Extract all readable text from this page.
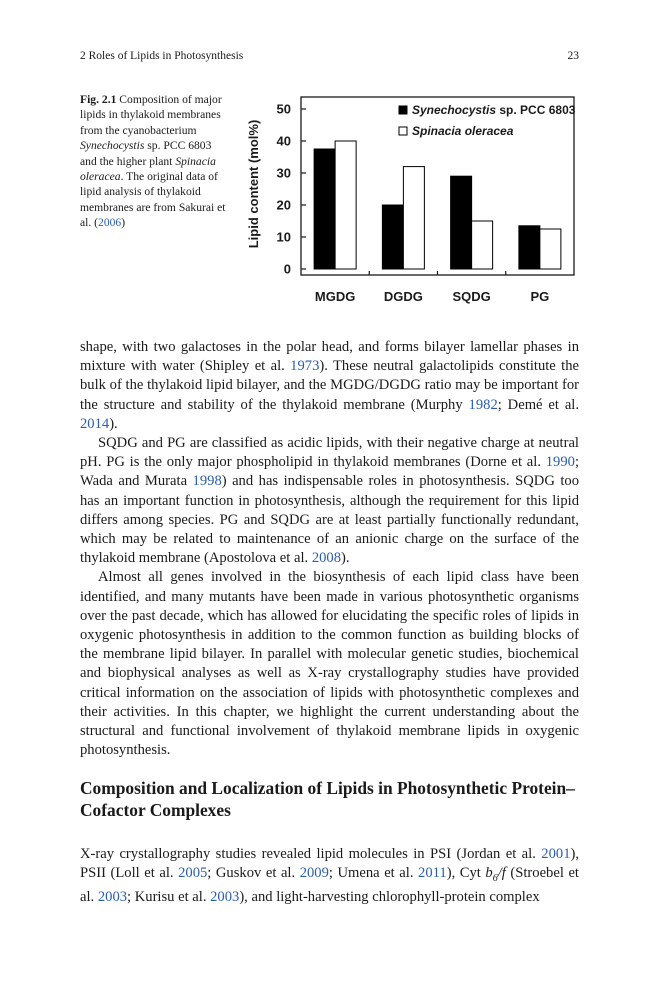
2 Roles of Lipids in Photosynthesis	23
Fig. 2.1 Composition of major lipids in thylakoid membranes from the cyanobacterium Synechocystis sp. PCC 6803 and the higher plant Spinacia oleracea. The original data of lipid analysis of thylakoid membranes are from Sakurai et al. (2006)	Lipid content (mol%)
0
10
20
30
40
50
MGDG DGDG SQDG	PG
Synechocystis sp. PCC 6803
Spinacia oleracea

shape, with two galactoses in the polar head, and forms bilayer lamellar phases in mixture with water (Shipley et al. 1973). These neutral galactolipids constitute the bulk of the thylakoid lipid bilayer, and the MGDG/DGDG ratio may be important for the structure and stability of the thylakoid membrane (Murphy 1982; Demé et al. 2014).

SQDG and PG are classified as acidic lipids, with their negative charge at neutral pH. PG is the only major phospholipid in thylakoid membranes (Dorne et al. 1990; Wada and Murata 1998) and has indispensable roles in photosynthesis. SQDG too has an important function in photosynthesis, although the requirement for this lipid differs among species. PG and SQDG are at least partially functionally redundant, which may be related to maintenance of an anionic charge on the surface of the thylakoid membrane (Apostolova et al. 2008).

Almost all genes involved in the biosynthesis of each lipid class have been identified, and many mutants have been made in various photosynthetic organisms over the past decade, which has allowed for elucidating the specific roles of lipids in oxygenic photosynthesis in addition to the common function as building blocks of the membrane lipid bilayer. In parallel with molecular genetic studies, biochemical and biophysical analyses as well as X-ray crystallography studies have provided critical information on the association of lipids with photosynthetic complexes and their activities. In this chapter, we highlight the current understanding about the structural and functional involvement of thylakoid membrane lipids in oxygenic photosynthesis.

Composition and Localization of Lipids in Photosynthetic Protein–Cofactor Complexes

X-ray crystallography studies revealed lipid molecules in PSI (Jordan et al. 2001), PSII (Loll et al. 2005; Guskov et al. 2009; Umena et al. 2011), Cyt $b_6/f$ (Stroebel et al. 2003; Kurisu et al. 2003), and light-harvesting chlorophyll-protein complex
